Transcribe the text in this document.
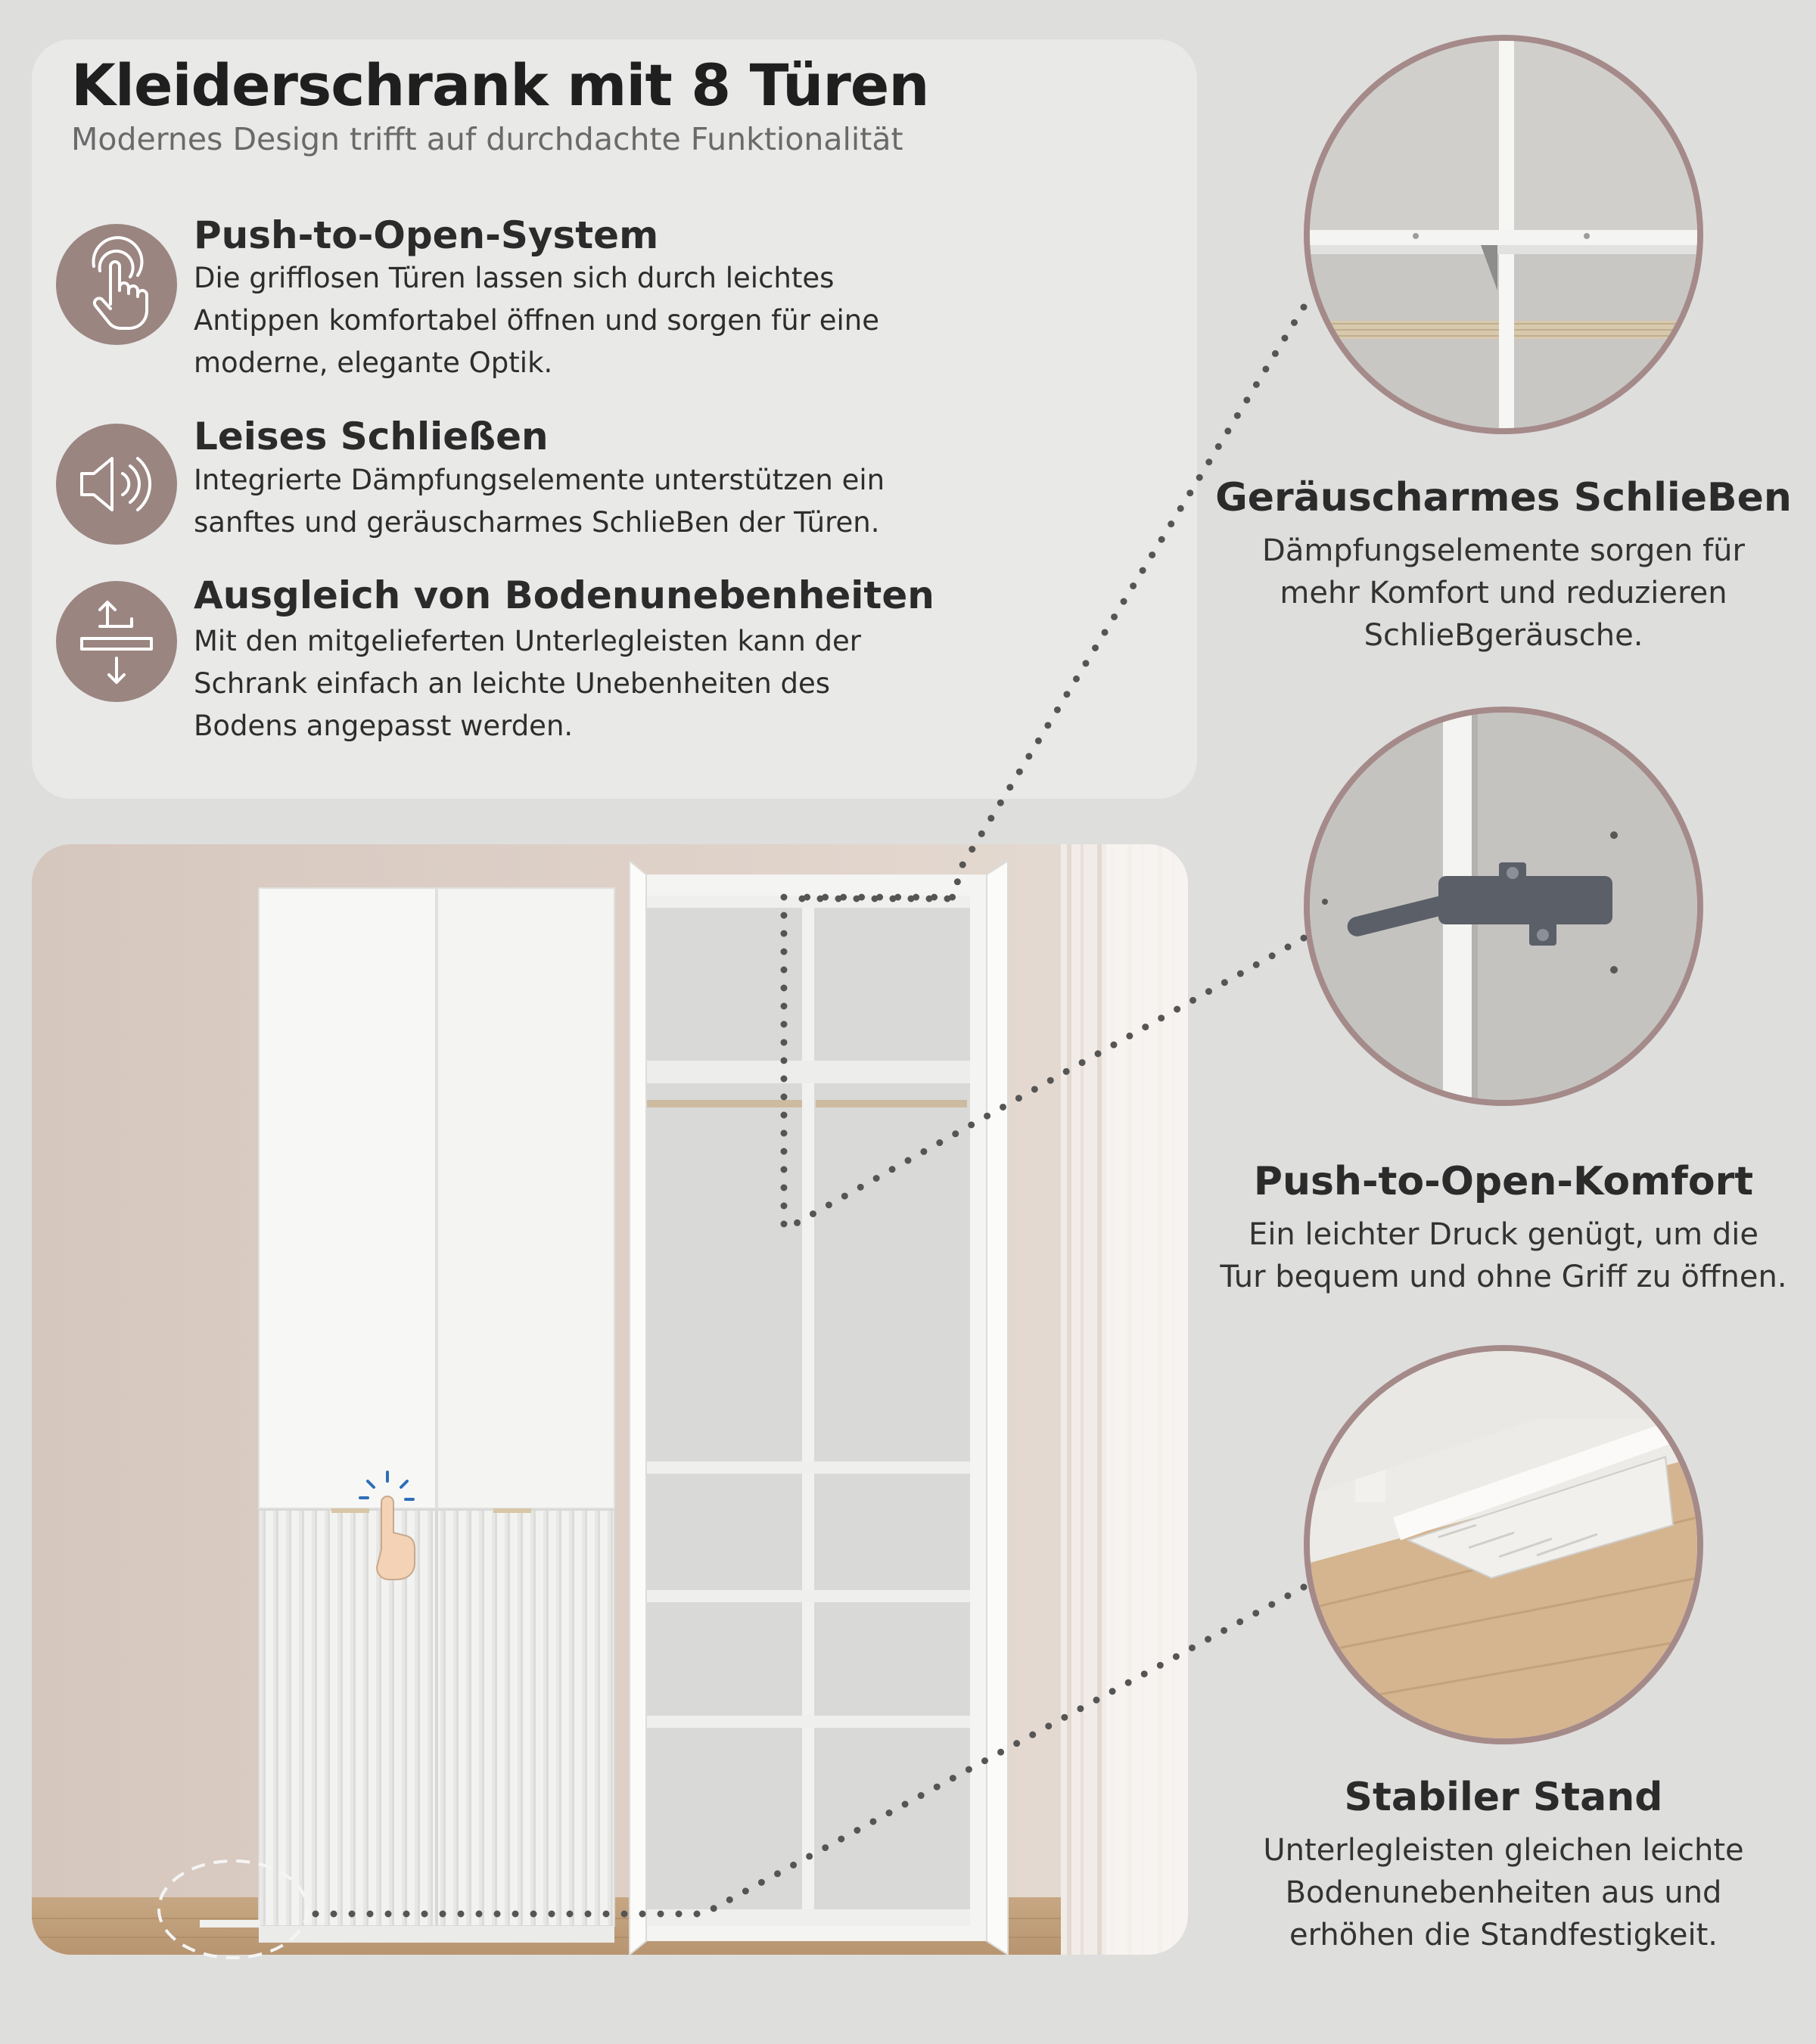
Kleiderschrank mit 8 Türen
Modernes Design trifft auf durchdachte Funktionalität
Push-to-Open-System
Die grifflosen Türen lassen sich durch leichtes
Antippen komfortabel öffnen und sorgen für eine
moderne, elegante Optik.
Leises Schließen
Integrierte Dämpfungselemente unterstützen ein
sanftes und geräuscharmes SchlieBen der Türen.
Ausgleich von Bodenunebenheiten
Mit den mitgelieferten Unterlegleisten kann der
Schrank einfach an leichte Unebenheiten des
Bodens angepasst werden.
Geräuscharmes SchlieBen
Dämpfungselemente sorgen für
mehr Komfort und reduzieren
SchlieBgeräusche.
Push-to-Open-Komfort
Ein leichter Druck genügt, um die
Tur bequem und ohne Griff zu öffnen.
Stabiler Stand
Unterlegleisten gleichen leichte
Bodenunebenheiten aus und
erhöhen die Standfestigkeit.
